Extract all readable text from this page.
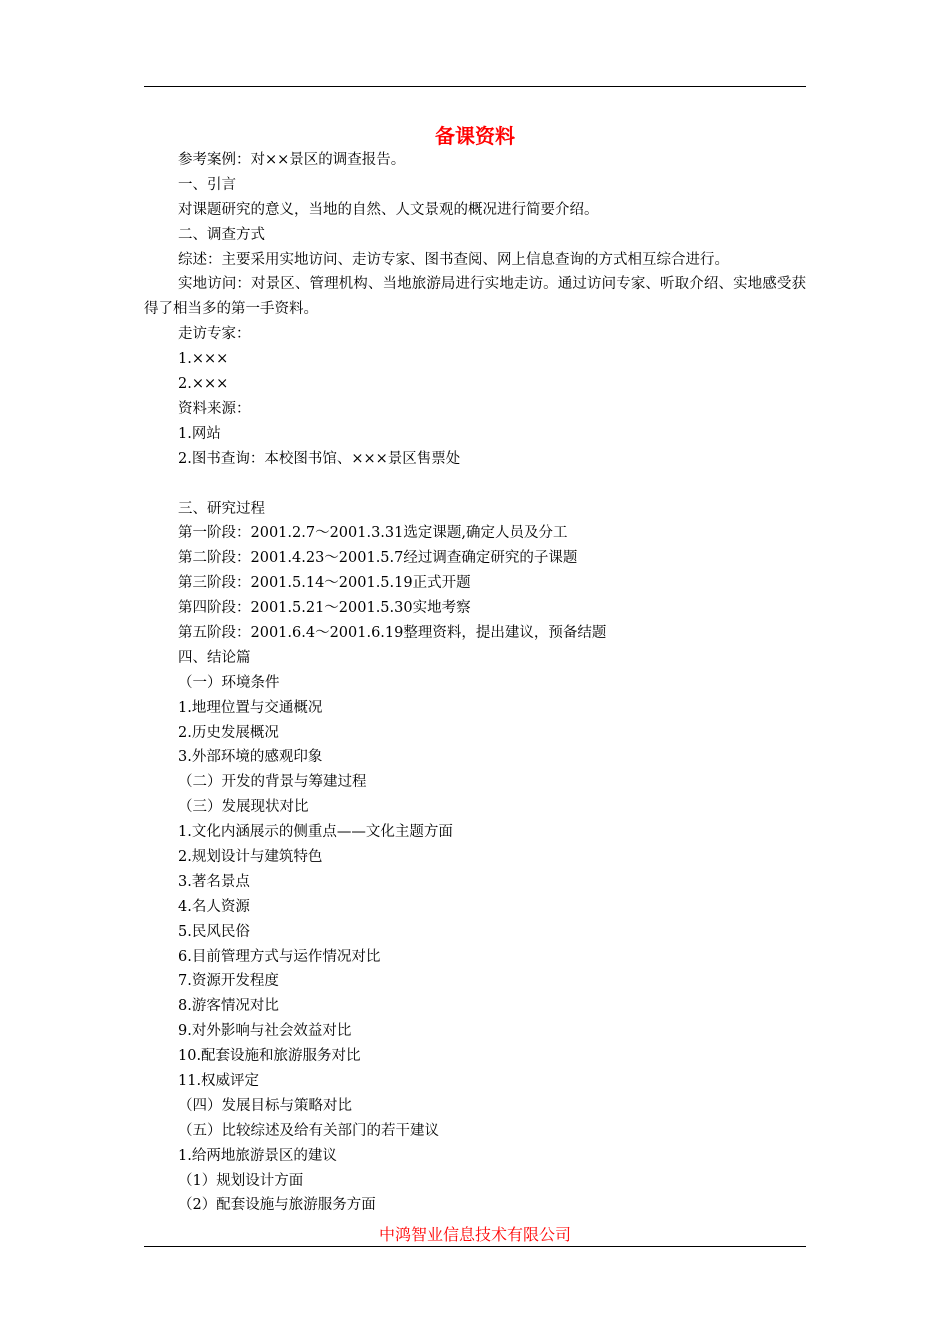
备课资料
参考案例：对××景区的调查报告。
一、引言
对课题研究的意义，当地的自然、人文景观的概况进行简要介绍。
二、调查方式
综述：主要采用实地访问、走访专家、图书查阅、网上信息查询的方式相互综合进行。
实地访问：对景区、管理机构、当地旅游局进行实地走访。通过访问专家、听取介绍、实地感受获得了相当多的第一手资料。
走访专家：
1.×××
2.×××
资料来源：
1.网站
2.图书查询：本校图书馆、×××景区售票处
三、研究过程
第一阶段：2001.2.7～2001.3.31选定课题,确定人员及分工
第二阶段：2001.4.23～2001.5.7经过调查确定研究的子课题
第三阶段：2001.5.14～2001.5.19正式开题
第四阶段：2001.5.21～2001.5.30实地考察
第五阶段：2001.6.4～2001.6.19整理资料，提出建议，预备结题
四、结论篇
（一）环境条件
1.地理位置与交通概况
2.历史发展概况
3.外部环境的感观印象
（二）开发的背景与筹建过程
（三）发展现状对比
1.文化内涵展示的侧重点——文化主题方面
2.规划设计与建筑特色
3.著名景点
4.名人资源
5.民风民俗
6.目前管理方式与运作情况对比
7.资源开发程度
8.游客情况对比
9.对外影响与社会效益对比
10.配套设施和旅游服务对比
11.权威评定
（四）发展目标与策略对比
（五）比较综述及给有关部门的若干建议
1.给两地旅游景区的建议
（1）规划设计方面
（2）配套设施与旅游服务方面
中鸿智业信息技术有限公司
